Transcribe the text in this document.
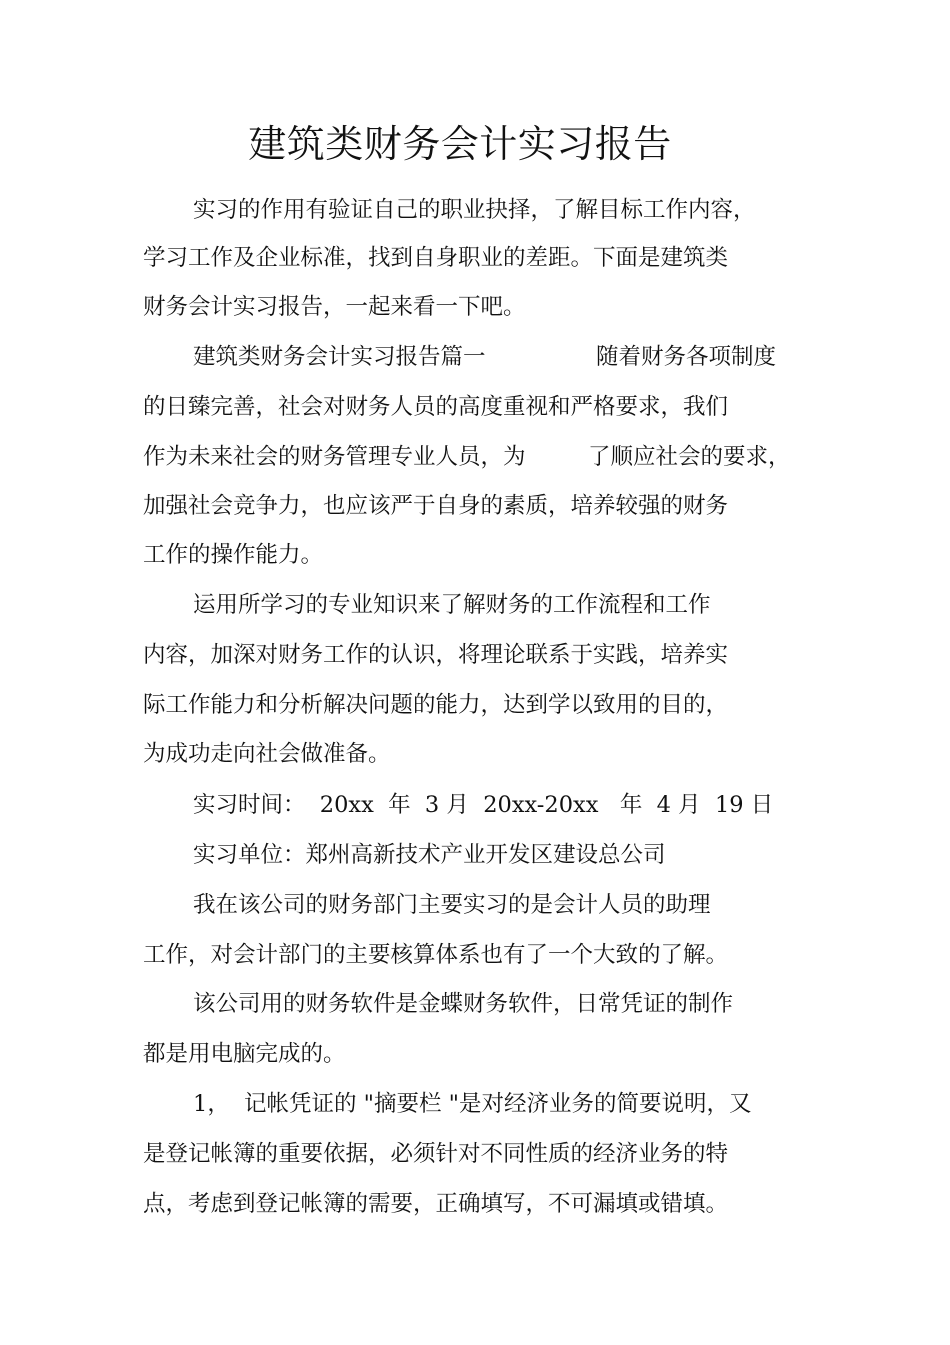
建筑类财务会计实习报告
实习的作用有验证自己的职业抉择，了解目标工作内容，
学习工作及企业标准，找到自身职业的差距。下面是建筑类
财务会计实习报告，一起来看一下吧。
建筑类财务会计实习报告篇一	随着财务各项制度
的日臻完善，社会对财务人员的高度重视和严格要求，我们
作为未来社会的财务管理专业人员，为	了顺应社会的要求，
加强社会竞争力，也应该严于自身的素质，培养较强的财务
工作的操作能力。
运用所学习的专业知识来了解财务的工作流程和工作
内容，加深对财务工作的认识，将理论联系于实践，培养实
际工作能力和分析解决问题的能力，达到学以致用的目的，
为成功走向社会做准备。
实习时间：  20xx  年  3 月  20xx-20xx   年  4 月  19 日
实习单位：郑州高新技术产业开发区建设总公司
我在该公司的财务部门主要实习的是会计人员的助理
工作，对会计部门的主要核算体系也有了一个大致的了解。
该公司用的财务软件是金蝶财务软件，日常凭证的制作
都是用电脑完成的。
1， 记帐凭证的 "摘要栏 "是对经济业务的简要说明，又
是登记帐簿的重要依据，必须针对不同性质的经济业务的特
点，考虑到登记帐簿的需要，正确填写，不可漏填或错填。
